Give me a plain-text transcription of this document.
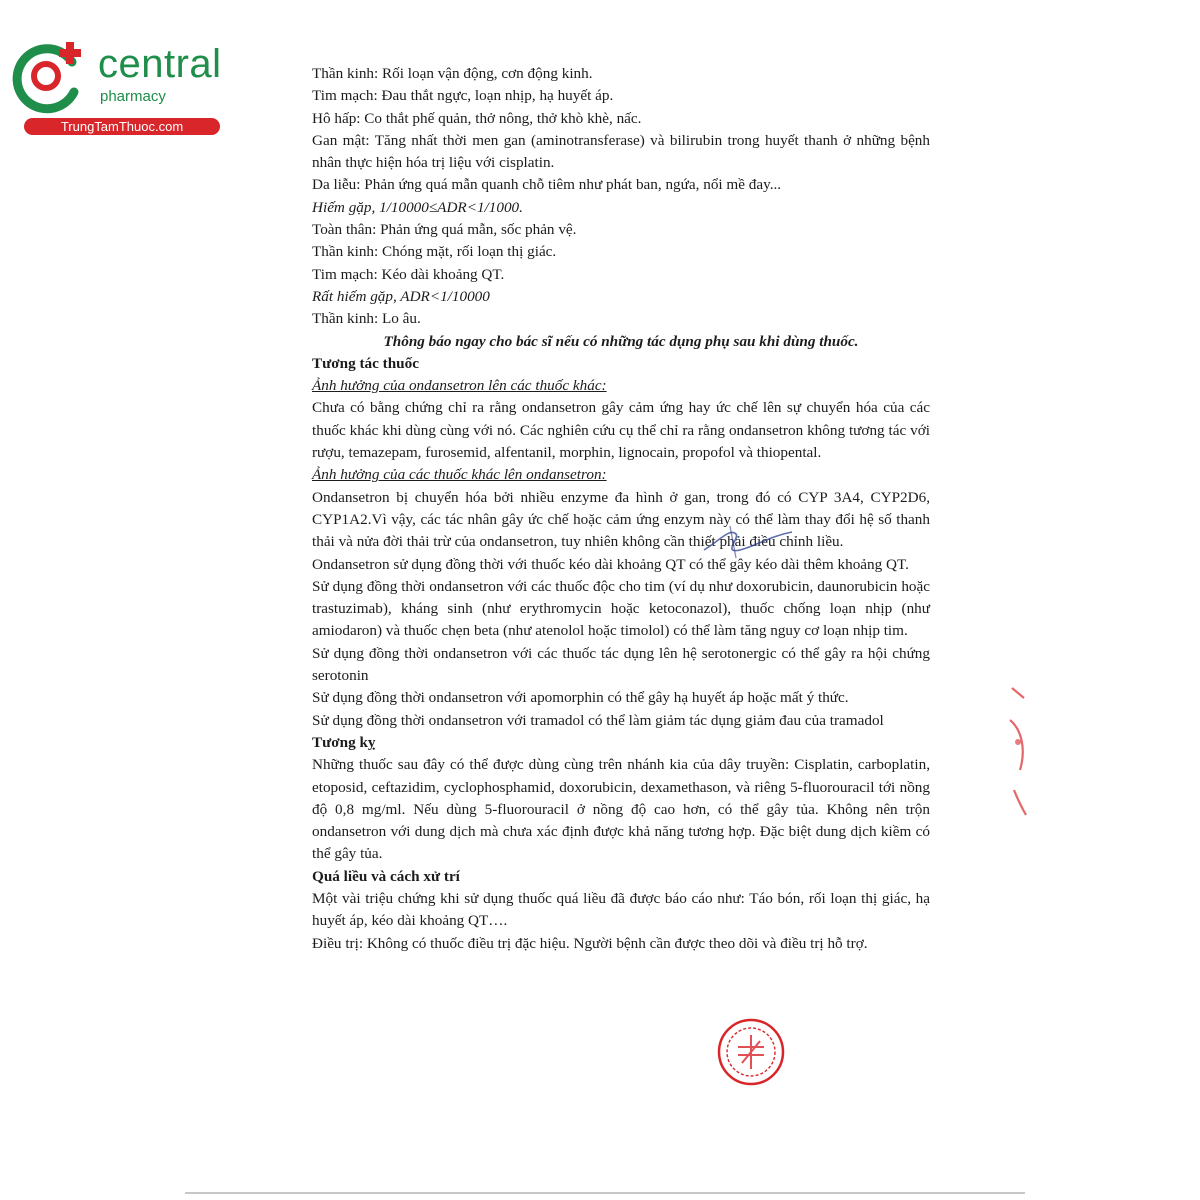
central
pharmacy
TrungTamThuoc.com

Thần kinh: Rối loạn vận động, cơn động kinh.

Tim mạch: Đau thắt ngực, loạn nhịp, hạ huyết áp.

Hô hấp: Co thắt phế quản, thở nông, thở khò khè, nấc.

Gan mật: Tăng nhất thời men gan (aminotransferase) và bilirubin trong huyết thanh ở những bệnh nhân thực hiện hóa trị liệu với cisplatin.

Da liễu: Phản ứng quá mẫn quanh chỗ tiêm như phát ban, ngứa, nổi mề đay...

Hiếm gặp, 1/10000≤ADR<1/1000.

Toàn thân: Phản ứng quá mẫn, sốc phản vệ.

Thần kinh: Chóng mặt, rối loạn thị giác.

Tim mạch: Kéo dài khoảng QT.

Rất hiếm gặp, ADR<1/10000

Thần kinh: Lo âu.

Thông báo ngay cho bác sĩ nếu có những tác dụng phụ sau khi dùng thuốc.

Tương tác thuốc

Ảnh hưởng của ondansetron lên các thuốc khác:

Chưa có bằng chứng chỉ ra rằng ondansetron gây cảm ứng hay ức chế lên sự chuyển hóa của các thuốc khác khi dùng cùng với nó. Các nghiên cứu cụ thể chỉ ra rằng ondansetron không tương tác với rượu, temazepam, furosemid, alfentanil, morphin, lignocain, propofol và thiopental.

Ảnh hưởng của các thuốc khác lên ondansetron:

Ondansetron bị chuyển hóa bởi nhiều enzyme đa hình ở gan, trong đó có CYP 3A4, CYP2D6, CYP1A2.Vì vậy, các tác nhân gây ức chế hoặc cảm ứng enzym này có thể làm thay đổi hệ số thanh thải và nửa đời thải trừ của ondansetron, tuy nhiên không cần thiết phải điều chỉnh liều.

Ondansetron sử dụng đồng thời với thuốc kéo dài khoảng QT có thể gây kéo dài thêm khoảng QT.

Sử dụng đồng thời ondansetron với các thuốc độc cho tim (ví dụ như doxorubicin, daunorubicin hoặc trastuzimab), kháng sinh (như erythromycin hoặc ketoconazol), thuốc chống loạn nhịp (như amiodaron) và thuốc chẹn beta (như atenolol hoặc timolol) có thể làm tăng nguy cơ loạn nhịp tim.

Sử dụng đồng thời ondansetron với các thuốc tác dụng lên hệ serotonergic có thể gây ra hội chứng serotonin

Sử dụng đồng thời ondansetron với apomorphin có thể gây hạ huyết áp hoặc mất ý thức.

Sử dụng đồng thời ondansetron với tramadol có thể làm giảm tác dụng giảm đau của tramadol

Tương kỵ

Những thuốc sau đây có thể được dùng cùng trên nhánh kia của dây truyền: Cisplatin, carboplatin, etoposid, ceftazidim, cyclophosphamid, doxorubicin, dexamethason, và riêng 5-fluorouracil tới nồng độ 0,8 mg/ml. Nếu dùng 5-fluorouracil ở nồng độ cao hơn, có thể gây tủa. Không nên trộn ondansetron với dung dịch mà chưa xác định được khả năng tương hợp. Đặc biệt dung dịch kiềm có thể gây tủa.

Quá liều và cách xử trí

Một vài triệu chứng khi sử dụng thuốc quá liều đã được báo cáo như: Táo bón, rối loạn thị giác, hạ huyết áp, kéo dài khoảng QT….

Điều trị: Không có thuốc điều trị đặc hiệu. Người bệnh cần được theo dõi và điều trị hỗ trợ.
